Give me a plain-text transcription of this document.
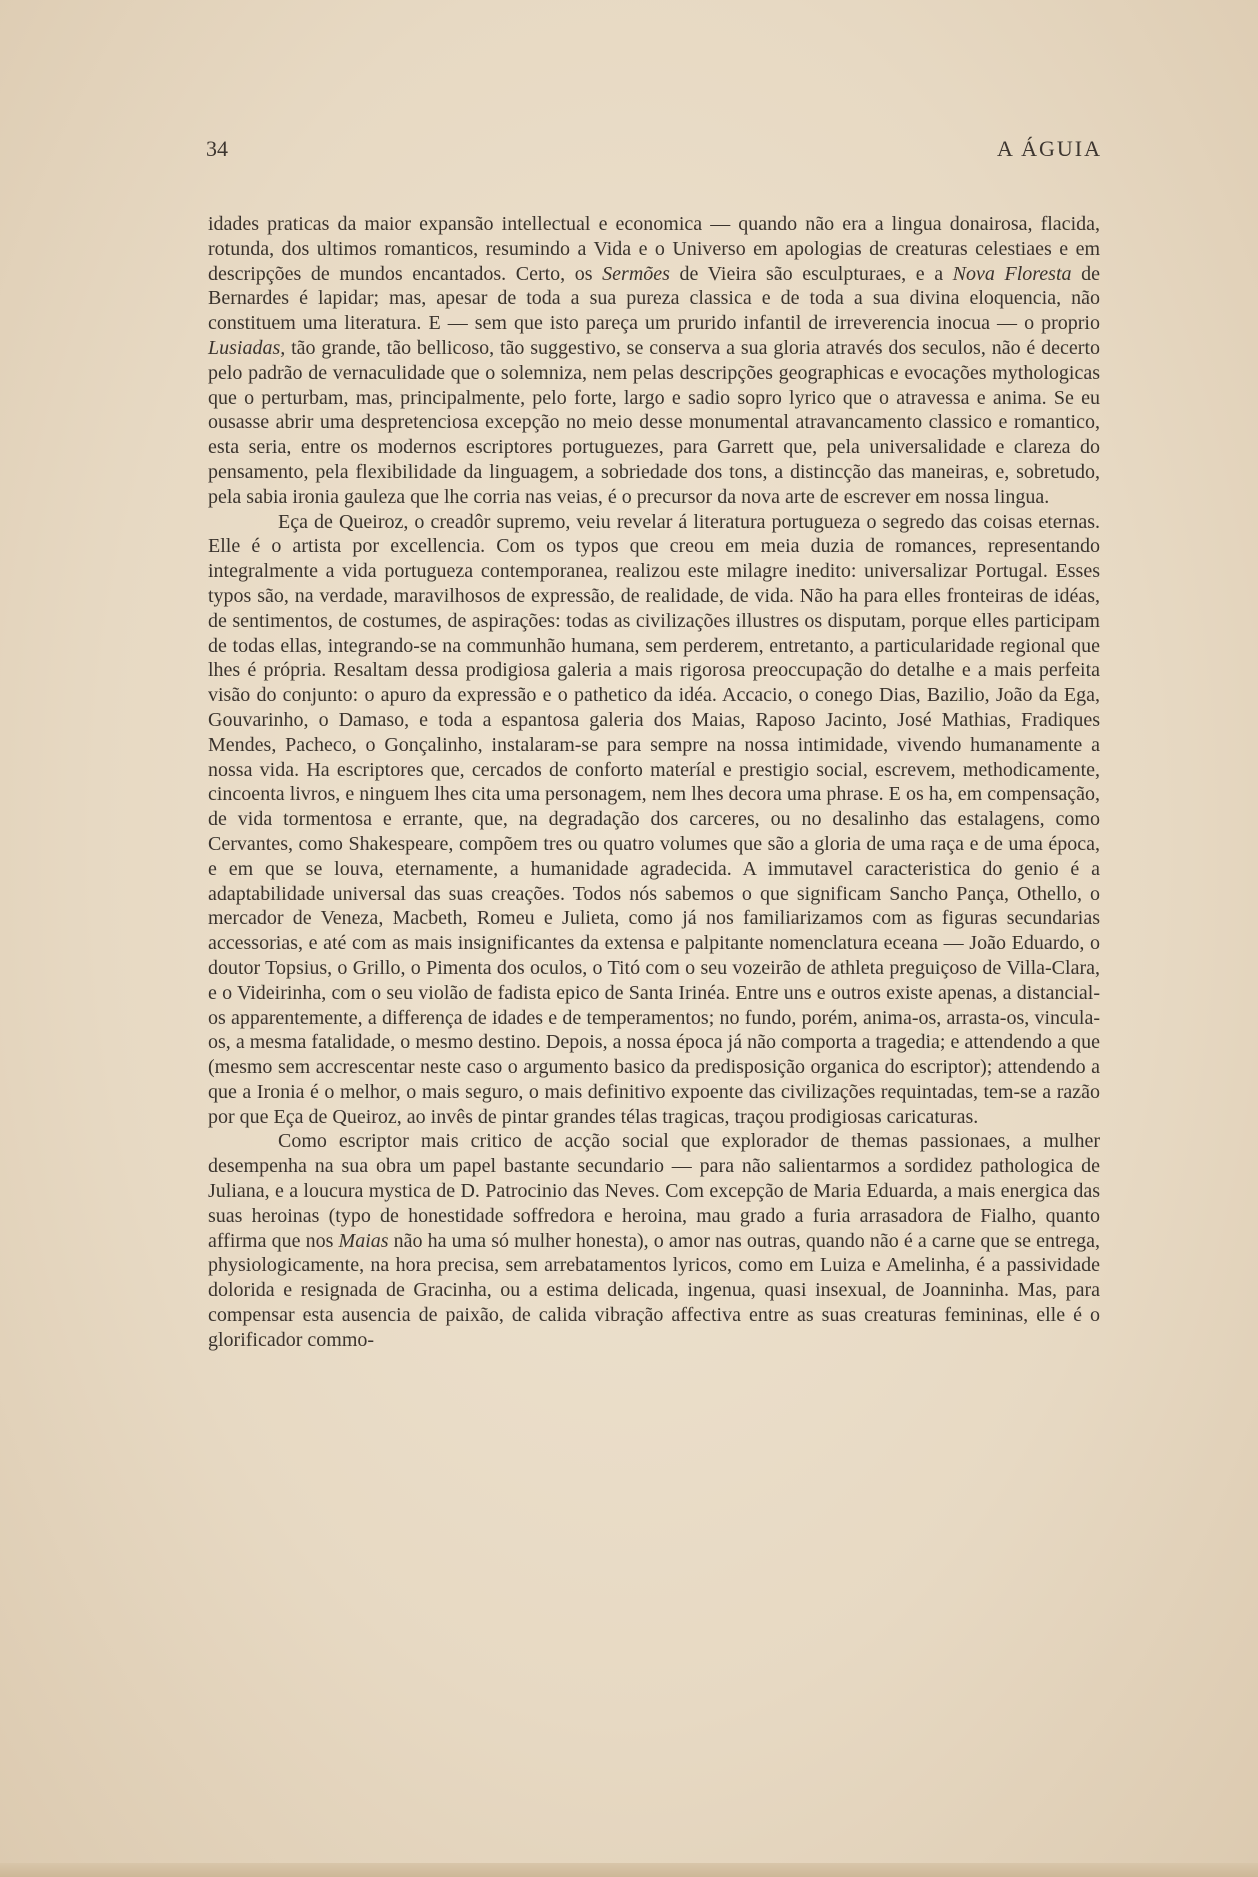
34	A ÁGUIA

idades praticas da maior expansão intellectual e economica — quando não era a lingua donairosa, flacida, rotunda, dos ultimos romanticos, resumindo a Vida e o Universo em apologias de creaturas celestiaes e em descripções de mundos encantados. Certo, os Sermões de Vieira são esculpturaes, e a Nova Floresta de Bernardes é lapidar; mas, apesar de toda a sua pureza classica e de toda a sua divina eloquencia, não constituem uma literatura. E — sem que isto pareça um prurido infantil de irreverencia inocua — o proprio Lusiadas, tão grande, tão bellicoso, tão suggestivo, se conserva a sua gloria através dos seculos, não é decerto pelo padrão de vernaculidade que o solemniza, nem pelas descripções geographicas e evocações mythologicas que o perturbam, mas, principalmente, pelo forte, largo e sadio sopro lyrico que o atravessa e anima. Se eu ousasse abrir uma despretenciosa excepção no meio desse monumental atravancamento classico e romantico, esta seria, entre os modernos escriptores portuguezes, para Garrett que, pela universalidade e clareza do pensamento, pela flexibilidade da linguagem, a sobriedade dos tons, a distincção das maneiras, e, sobretudo, pela sabia ironia gauleza que lhe corria nas veias, é o precursor da nova arte de escrever em nossa lingua.

Eça de Queiroz, o creadôr supremo, veiu revelar á literatura portugueza o segredo das coisas eternas. Elle é o artista por excellencia. Com os typos que creou em meia duzia de romances, representando integralmente a vida portugueza contemporanea, realizou este milagre inedito: universalizar Portugal. Esses typos são, na verdade, maravilhosos de expressão, de realidade, de vida. Não ha para elles fronteiras de idéas, de sentimentos, de costumes, de aspirações: todas as civilizações illustres os disputam, porque elles participam de todas ellas, integrando-se na communhão humana, sem perderem, entretanto, a particularidade regional que lhes é própria. Resaltam dessa prodigiosa galeria a mais rigorosa preoccupação do detalhe e a mais perfeita visão do conjunto: o apuro da expressão e o pathetico da idéa. Accacio, o conego Dias, Bazilio, João da Ega, Gouvarinho, o Damaso, e toda a espantosa galeria dos Maias, Raposo Jacinto, José Mathias, Fradiques Mendes, Pacheco, o Gonçalinho, instalaram-se para sempre na nossa intimidade, vivendo humanamente a nossa vida. Ha escriptores que, cercados de conforto materíal e prestigio social, escrevem, methodicamente, cincoenta livros, e ninguem lhes cita uma personagem, nem lhes decora uma phrase. E os ha, em compensação, de vida tormentosa e errante, que, na degradação dos carceres, ou no desalinho das estalagens, como Cervantes, como Shakespeare, compõem tres ou quatro volumes que são a gloria de uma raça e de uma época, e em que se louva, eternamente, a humanidade agradecida. A immutavel caracteristica do genio é a adaptabilidade universal das suas creações. Todos nós sabemos o que significam Sancho Pança, Othello, o mercador de Veneza, Macbeth, Romeu e Julieta, como já nos familiarizamos com as figuras secundarias accessorias, e até com as mais insignificantes da extensa e palpitante nomenclatura eceana — João Eduardo, o doutor Topsius, o Grillo, o Pimenta dos oculos, o Titó com o seu vozeirão de athleta preguiçoso de Villa-Clara, e o Videirinha, com o seu violão de fadista epico de Santa Irinéa. Entre uns e outros existe apenas, a distancial-os apparentemente, a differença de idades e de temperamentos; no fundo, porém, anima-os, arrasta-os, vincula-os, a mesma fatalidade, o mesmo destino. Depois, a nossa época já não comporta a tragedia; e attendendo a que (mesmo sem accrescentar neste caso o argumento basico da predisposição organica do escriptor); attendendo a que a Ironia é o melhor, o mais seguro, o mais definitivo expoente das civilizações requintadas, tem-se a razão por que Eça de Queiroz, ao invês de pintar grandes télas tragicas, traçou prodigiosas caricaturas.

Como escriptor mais critico de acção social que explorador de themas passionaes, a mulher desempenha na sua obra um papel bastante secundario — para não salientarmos a sordidez pathologica de Juliana, e a loucura mystica de D. Patrocinio das Neves. Com excepção de Maria Eduarda, a mais energica das suas heroinas (typo de honestidade soffredora e heroina, mau grado a furia arrasadora de Fialho, quanto affirma que nos Maias não ha uma só mulher honesta), o amor nas outras, quando não é a carne que se entrega, physiologicamente, na hora precisa, sem arrebatamentos lyricos, como em Luiza e Amelinha, é a passividade dolorida e resignada de Gracinha, ou a estima delicada, ingenua, quasi insexual, de Joanninha. Mas, para compensar esta ausencia de paixão, de calida vibração affectiva entre as suas creaturas femininas, elle é o glorificador commo-
